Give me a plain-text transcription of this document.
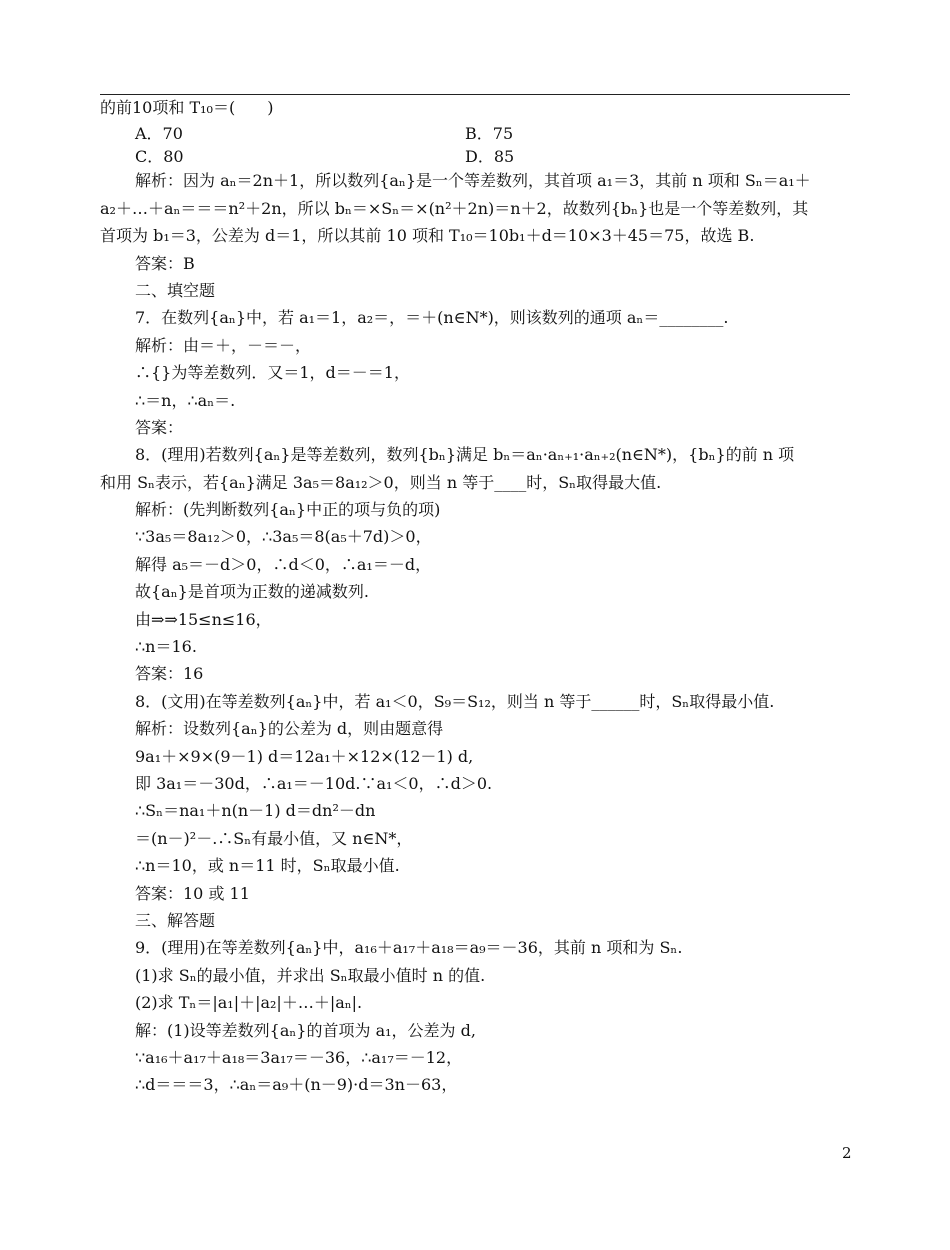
的前10项和 T₁₀＝(　　)
A．70	B．75
C．80	D．85
解析：因为 aₙ＝2n＋1，所以数列{aₙ}是一个等差数列，其首项 a₁＝3，其前 n 项和 Sₙ＝a₁＋
a₂＋…＋aₙ＝＝＝n²＋2n，所以 bₙ＝×Sₙ＝×(n²＋2n)＝n＋2，故数列{bₙ}也是一个等差数列，其
首项为 b₁＝3，公差为 d＝1，所以其前 10 项和 T₁₀＝10b₁＋d＝10×3＋45＝75，故选 B.
答案：B
二、填空题
7．在数列{aₙ}中，若 a₁＝1，a₂＝，＝＋(n∈N*)，则该数列的通项 aₙ＝________.
解析：由＝＋，－＝－，
∴{}为等差数列．又＝1，d＝－＝1，
∴＝n，∴aₙ＝.
答案：
8．(理用)若数列{aₙ}是等差数列，数列{bₙ}满足 bₙ＝aₙ·aₙ₊₁·aₙ₊₂(n∈N*)，{bₙ}的前 n 项
和用 Sₙ表示，若{aₙ}满足 3a₅＝8a₁₂＞0，则当 n 等于____时，Sₙ取得最大值.
解析：(先判断数列{aₙ}中正的项与负的项)
∵3a₅＝8a₁₂＞0，∴3a₅＝8(a₅＋7d)＞0，
解得 a₅＝－d＞0，∴d＜0，∴a₁＝－d，
故{aₙ}是首项为正数的递减数列.
由⇒⇒15≤n≤16，
∴n＝16.
答案：16
8．(文用)在等差数列{aₙ}中，若 a₁＜0，S₉＝S₁₂，则当 n 等于______时，Sₙ取得最小值.
解析：设数列{aₙ}的公差为 d，则由题意得
9a₁＋×9×(9－1) d＝12a₁＋×12×(12－1) d,
即 3a₁＝－30d，∴a₁＝－10d.∵a₁＜0，∴d＞0.
∴Sₙ＝na₁＋n(n－1) d＝dn²－dn
＝(n－)²－.∴Sₙ有最小值，又 n∈N*，
∴n＝10，或 n＝11 时，Sₙ取最小值.
答案：10 或 11
三、解答题
9．(理用)在等差数列{aₙ}中，a₁₆＋a₁₇＋a₁₈＝a₉＝－36，其前 n 项和为 Sₙ.
(1)求 Sₙ的最小值，并求出 Sₙ取最小值时 n 的值.
(2)求 Tₙ＝|a₁|＋|a₂|＋…＋|aₙ|.
解：(1)设等差数列{aₙ}的首项为 a₁，公差为 d,
∵a₁₆＋a₁₇＋a₁₈＝3a₁₇＝－36，∴a₁₇＝－12，
∴d＝＝＝3，∴aₙ＝a₉＋(n－9)·d＝3n－63，
2
